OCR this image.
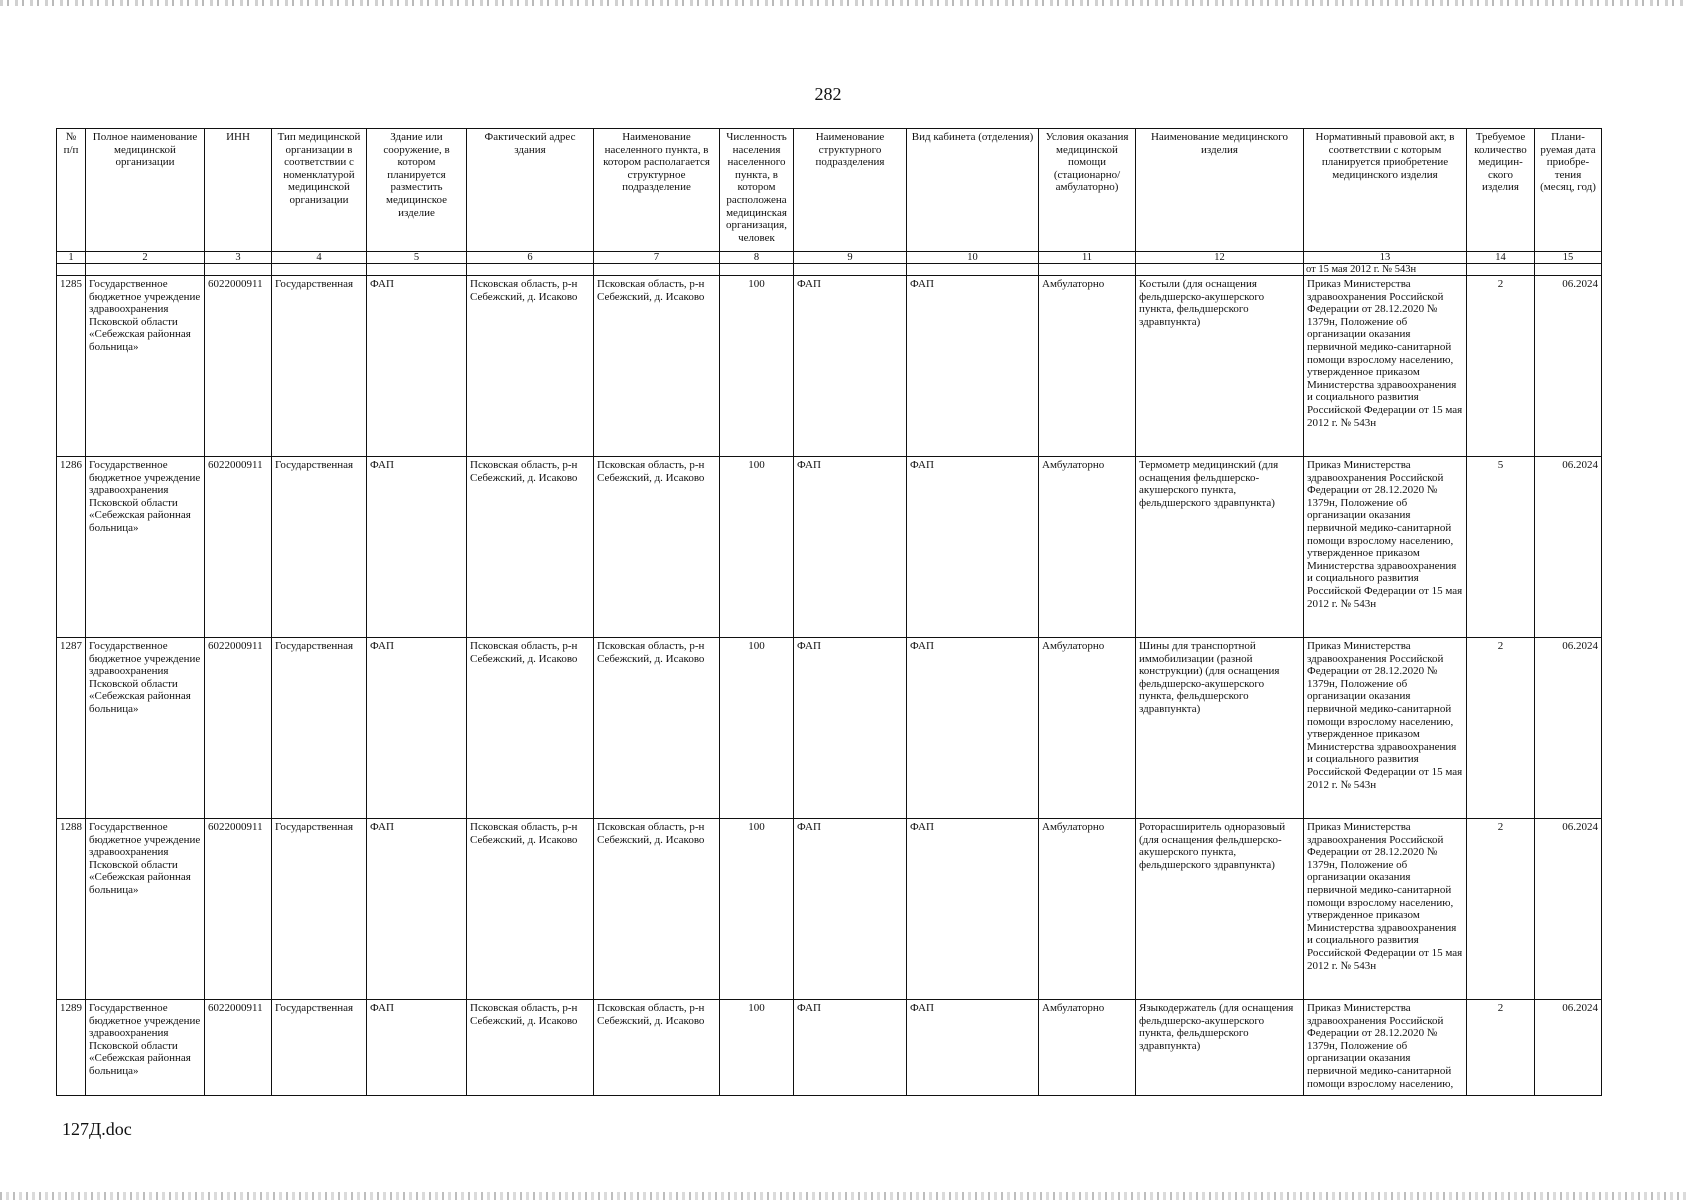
282
№ п/п	Полное наименование медицинской организации	ИНН	Тип медицинской организации в соответствии с номенклатурой медицинской организации	Здание или сооружение, в котором планируется разместить медицинское изделие	Фактический адрес здания	Наименование населенного пункта, в котором располагается структурное подразделение	Численность населения населенного пункта, в котором расположена медицинская организация, человек	Наименование структурного подразделения	Вид кабинета (отделения)	Условия оказания медицинской помощи (стационарно/ амбулаторно)	Наименование медицинского изделия	Нормативный правовой акт, в соответствии с которым планируется приобретение медицинского изделия	Требуемое количество медицин-ского изделия	Плани-руемая дата приобре-тения (месяц, год)
1	2	3	4	5	6	7	8	9	10	11	12	13	14	15
												от 15 мая 2012 г. № 543н		
1285	Государственное бюджетное учреждение здравоохранения Псковской области «Себежская районная больница»	6022000911	Государственная	ФАП	Псковская область, р-н Себежский, д. Исаково	Псковская область, р-н Себежский, д. Исаково	100	ФАП	ФАП	Амбулаторно	Костыли (для оснащения фельдшерско-акушерского пункта, фельдшерского здравпункта)	Приказ Министерства здравоохранения Российской Федерации от 28.12.2020 № 1379н, Положение об организации оказания первичной медико-санитарной помощи взрослому населению, утвержденное приказом Министерства здравоохранения и социального развития Российской Федерации от 15 мая 2012 г. № 543н	2	06.2024
1286	Государственное бюджетное учреждение здравоохранения Псковской области «Себежская районная больница»	6022000911	Государственная	ФАП	Псковская область, р-н Себежский, д. Исаково	Псковская область, р-н Себежский, д. Исаково	100	ФАП	ФАП	Амбулаторно	Термометр медицинский (для оснащения фельдшерско-акушерского пункта, фельдшерского здравпункта)	Приказ Министерства здравоохранения Российской Федерации от 28.12.2020 № 1379н, Положение об организации оказания первичной медико-санитарной помощи взрослому населению, утвержденное приказом Министерства здравоохранения и социального развития Российской Федерации от 15 мая 2012 г. № 543н	5	06.2024
1287	Государственное бюджетное учреждение здравоохранения Псковской области «Себежская районная больница»	6022000911	Государственная	ФАП	Псковская область, р-н Себежский, д. Исаково	Псковская область, р-н Себежский, д. Исаково	100	ФАП	ФАП	Амбулаторно	Шины для транспортной иммобилизации (разной конструкции) (для оснащения фельдшерско-акушерского пункта, фельдшерского здравпункта)	Приказ Министерства здравоохранения Российской Федерации от 28.12.2020 № 1379н, Положение об организации оказания первичной медико-санитарной помощи взрослому населению, утвержденное приказом Министерства здравоохранения и социального развития Российской Федерации от 15 мая 2012 г. № 543н	2	06.2024
1288	Государственное бюджетное учреждение здравоохранения Псковской области «Себежская районная больница»	6022000911	Государственная	ФАП	Псковская область, р-н Себежский, д. Исаково	Псковская область, р-н Себежский, д. Исаково	100	ФАП	ФАП	Амбулаторно	Роторасширитель одноразовый (для оснащения фельдшерско-акушерского пункта, фельдшерского здравпункта)	Приказ Министерства здравоохранения Российской Федерации от 28.12.2020 № 1379н, Положение об организации оказания первичной медико-санитарной помощи взрослому населению, утвержденное приказом Министерства здравоохранения и социального развития Российской Федерации от 15 мая 2012 г. № 543н	2	06.2024
1289	Государственное бюджетное учреждение здравоохранения Псковской области «Себежская районная больница»	6022000911	Государственная	ФАП	Псковская область, р-н Себежский, д. Исаково	Псковская область, р-н Себежский, д. Исаково	100	ФАП	ФАП	Амбулаторно	Языкодержатель (для оснащения фельдшерско-акушерского пункта, фельдшерского здравпункта)	Приказ Министерства здравоохранения Российской Федерации от 28.12.2020 № 1379н, Положение об организации оказания первичной медико-санитарной помощи взрослому населению,	2	06.2024
127Д.doc
